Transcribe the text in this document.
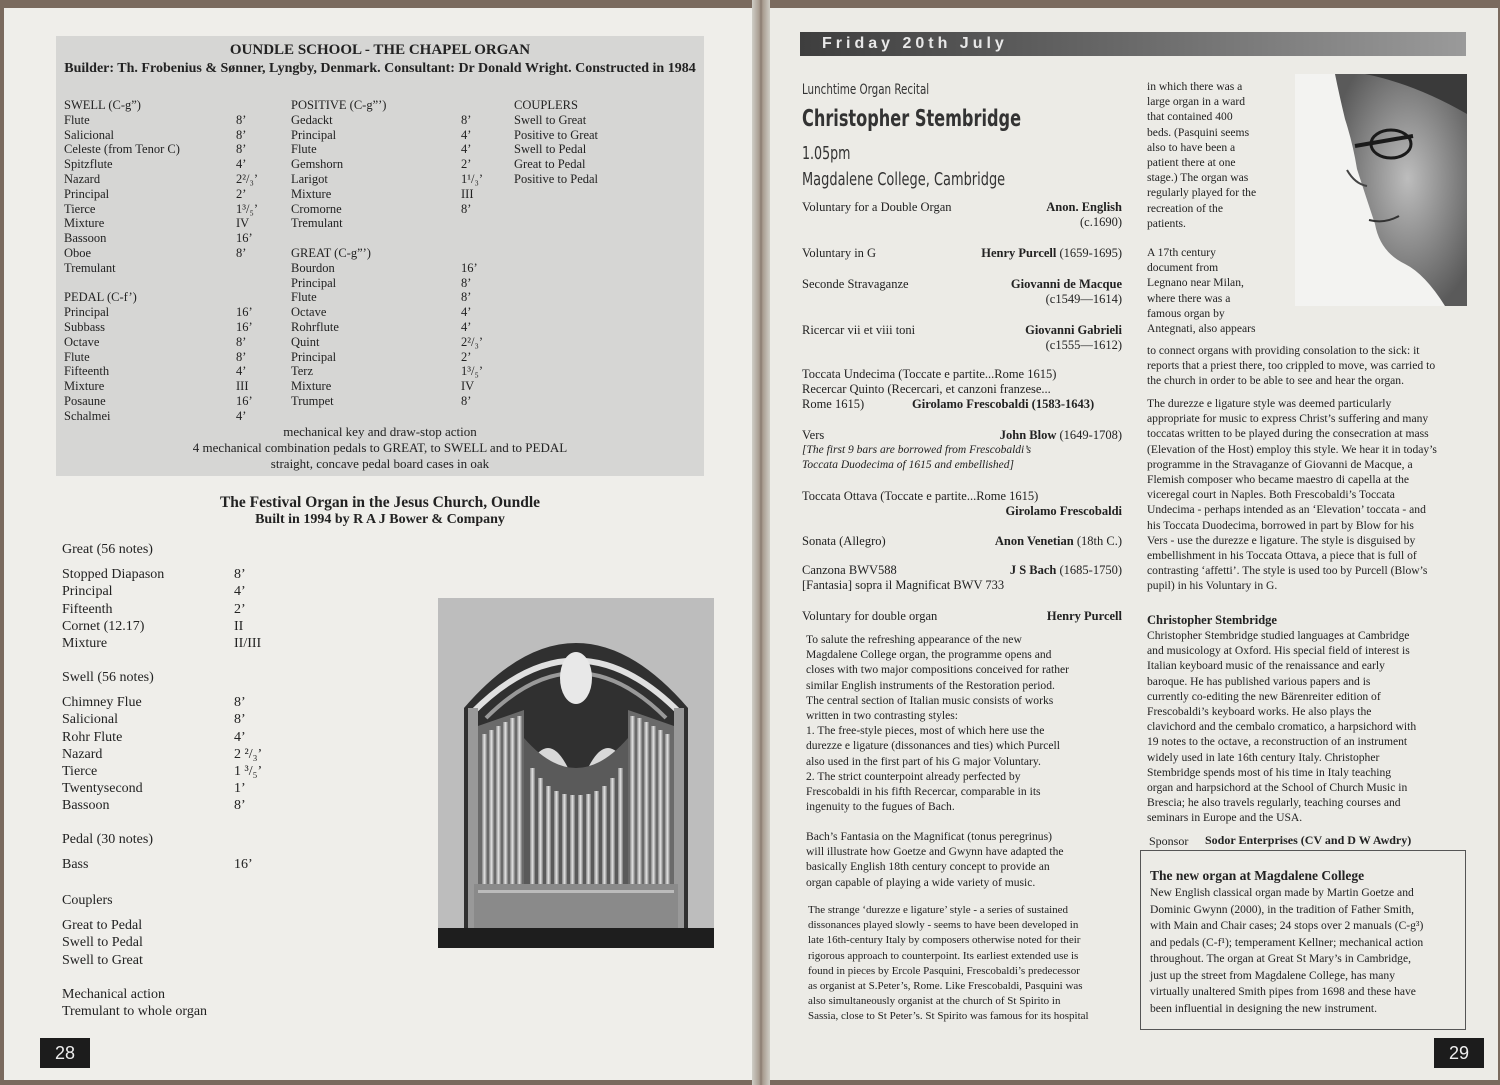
OUNDLE SCHOOL - THE CHAPEL ORGAN
Builder: Th. Frobenius & Sønner, Lyngby, Denmark. Consultant: Dr Donald Wright. Constructed in 1984
SWELL (C-g”)
Flute	8’
Salicional	8’
Celeste (from Tenor C)	8’
Spitzflute	4’
Nazard	2²/₃’
Principal	2’
Tierce	1³/₅’
Mixture	IV
Bassoon	16’
Oboe	8’
Tremulant
PEDAL (C-f’)
Principal	16’
Subbass	16’
Octave	8’
Flute	8’
Fifteenth	4’
Mixture	III
Posaune	16’
Schalmei	4’
POSITIVE (C-g”’)
Gedackt	8’
Principal	4’
Flute	4’
Gemshorn	2’
Larigot	1¹/₃’
Mixture	III
Cromorne	8’
Tremulant
GREAT (C-g”’)
Bourdon	16’
Principal	8’
Flute	8’
Octave	4’
Rohrflute	4’
Quint	2²/₃’
Principal	2’
Terz	1³/₅’
Mixture	IV
Trumpet	8’
COUPLERS
Swell to Great
Positive to Great
Swell to Pedal
Great to Pedal
Positive to Pedal
mechanical key and draw-stop action
4 mechanical combination pedals to GREAT, to SWELL and to PEDAL
straight, concave pedal board cases in oak
The Festival Organ in the Jesus Church, Oundle
Built in 1994 by R A J Bower & Company
Great (56 notes)
Stopped Diapason	8’
Principal	4’
Fifteenth	2’
Cornet (12.17)	II
Mixture	II/III
Swell (56 notes)
Chimney Flue	8’
Salicional	8’
Rohr Flute	4’
Nazard	2 ²/₃’
Tierce	1 ³/₅’
Twentysecond	1’
Bassoon	8’
Pedal (30 notes)
Bass	16’
Couplers
Great to Pedal
Swell to Pedal
Swell to Great
Mechanical action
Tremulant to whole organ
28
Friday 20th July
Lunchtime Organ Recital
Christopher Stembridge
1.05pm
Magdalene College, Cambridge
Voluntary for a Double Organ	Anon. English
(c.1690)
Voluntary in G	Henry Purcell (1659-1695)
Seconde Stravaganze	Giovanni de Macque
(c1549—1614)
Ricercar vii et viii toni	Giovanni Gabrieli
(c1555—1612)
Toccata Undecima (Toccate e partite...Rome 1615)
Recercar Quinto (Recercari, et canzoni franzese...
Rome 1615)	Girolamo Frescobaldi (1583-1643)
Vers	John Blow (1649-1708)
[The first 9 bars are borrowed from Frescobaldi’s
Toccata Duodecima of 1615 and embellished]
Toccata Ottava (Toccate e partite...Rome 1615)
Girolamo Frescobaldi
Sonata (Allegro)	Anon Venetian (18th C.)
Canzona BWV588	J S Bach (1685-1750)
[Fantasia] sopra il Magnificat BWV 733
Voluntary for double organ	Henry Purcell
To salute the refreshing appearance of the new
Magdalene College organ, the programme opens and
closes with two major compositions conceived for rather
similar English instruments of the Restoration period.
The central section of Italian music consists of works
written in two contrasting styles:
1. The free-style pieces, most of which here use the
durezze e ligature (dissonances and ties) which Purcell
also used in the first part of his G major Voluntary.
2. The strict counterpoint already perfected by
Frescobaldi in his fifth Recercar, comparable in its
ingenuity to the fugues of Bach.
Bach’s Fantasia on the Magnificat (tonus peregrinus)
will illustrate how Goetze and Gwynn have adapted the
basically English 18th century concept to provide an
organ capable of playing a wide variety of music.
The strange ‘durezze e ligature’ style - a series of sustained
dissonances played slowly - seems to have been developed in
late 16th-century Italy by composers otherwise noted for their
rigorous approach to counterpoint. Its earliest extended use is
found in pieces by Ercole Pasquini, Frescobaldi’s predecessor
as organist at S.Peter’s, Rome. Like Frescobaldi, Pasquini was
also simultaneously organist at the church of St Spirito in
Sassia, close to St Peter’s. St Spirito was famous for its hospital
in which there was a
large organ in a ward
that contained 400
beds. (Pasquini seems
also to have been a
patient there at one
stage.) The organ was
regularly played for the
recreation of the
patients.
A 17th century
document from
Legnano near Milan,
where there was a
famous organ by
Antegnati, also appears
to connect organs with providing consolation to the sick: it
reports that a priest there, too crippled to move, was carried to
the church in order to be able to see and hear the organ.
The durezze e ligature style was deemed particularly
appropriate for music to express Christ’s suffering and many
toccatas written to be played during the consecration at mass
(Elevation of the Host) employ this style. We hear it in today’s
programme in the Stravaganze of Giovanni de Macque, a
Flemish composer who became maestro di capella at the
viceregal court in Naples. Both Frescobaldi’s Toccata
Undecima - perhaps intended as an ‘Elevation’ toccata - and
his Toccata Duodecima, borrowed in part by Blow for his
Vers - use the durezze e ligature. The style is disguised by
embellishment in his Toccata Ottava, a piece that is full of
contrasting ‘affetti’. The style is used too by Purcell (Blow’s
pupil) in his Voluntary in G.
Christopher Stembridge
Christopher Stembridge studied languages at Cambridge
and musicology at Oxford. His special field of interest is
Italian keyboard music of the renaissance and early
baroque. He has published various papers and is
currently co-editing the new Bärenreiter edition of
Frescobaldi’s keyboard works. He also plays the
clavichord and the cembalo cromatico, a harpsichord with
19 notes to the octave, a reconstruction of an instrument
widely used in late 16th century Italy. Christopher
Stembridge spends most of his time in Italy teaching
organ and harpsichord at the School of Church Music in
Brescia; he also travels regularly, teaching courses and
seminars in Europe and the USA.
Sponsor Sodor Enterprises (CV and D W Awdry)
The new organ at Magdalene College
New English classical organ made by Martin Goetze and
Dominic Gwynn (2000), in the tradition of Father Smith,
with Main and Chair cases; 24 stops over 2 manuals (C-g³)
and pedals (C-f¹); temperament Kellner; mechanical action
throughout. The organ at Great St Mary’s in Cambridge,
just up the street from Magdalene College, has many
virtually unaltered Smith pipes from 1698 and these have
been influential in designing the new instrument.
29
